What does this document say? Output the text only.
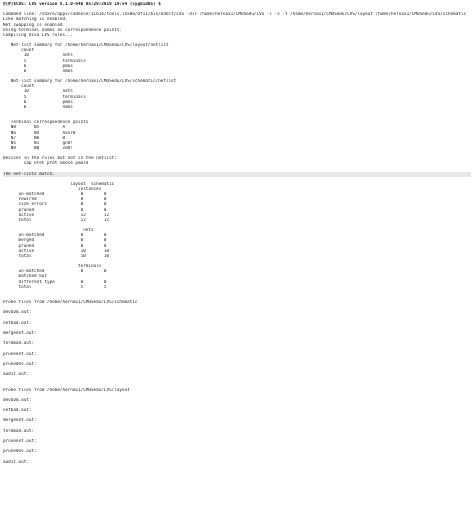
@(#)$CDS: LVS version 6.1.0-64b 05/28/2019 19:54 (cygbid05) $
Command line: /share/apps/cadence/IC614/tools.lnx86/dfII/bin/64bit/LVS -dir /home/hernax1/CMOSedu/LVS -l -s -t /home/hernax1/CMOSedu/LVS/layout /home/hernax1/CMOSedu/LVS/schematic
Like matching is enabled.
Net swapping is enabled.
Using terminal names as correspondence points.
Compiling Diva LVS rules...
Net-list summary for /home/hernax1/CMOSedu/LVS/layout/netlist
count
10             nets
5              terminals
6              pmos
6              nmos
Net-list summary for /home/hernax1/CMOSedu/LVS/schematic/netlist
count
10             nets
5              terminals
6              pmos
6              nmos
Terminal correspondence points
N8       N5         A
N6       N4         AxorB
N7       N6         B
N5       N1         gnd!
N9       N0         vdd!
Devices in the rules but not in the netlist:
cap nfet pfet nmos4 pmos4
The net-lists match.
layout  schematic
instances
un-matched              0        0
rewired                 0        0
size errors             0        0
pruned                  0        0
active                  12       12
total                   12       12
nets
un-matched              0        0
merged                  0        0
pruned                  0        0
active                  10       10
total                   10       10
terminals
un-matched              0        0
matched but
different type          0        0
total                   5        5
Probe files from /home/hernax1/CMOSedu/LVS/schematic
devbad.out:
netbad.out:
mergenet.out:
termbad.out:
prunenet.out:
prunedev.out:
audit.out:
Probe files from /home/hernax1/CMOSedu/LVS/layout
devbad.out:
netbad.out:
mergenet.out:
termbad.out:
prunenet.out:
prunedev.out:
audit.out:
